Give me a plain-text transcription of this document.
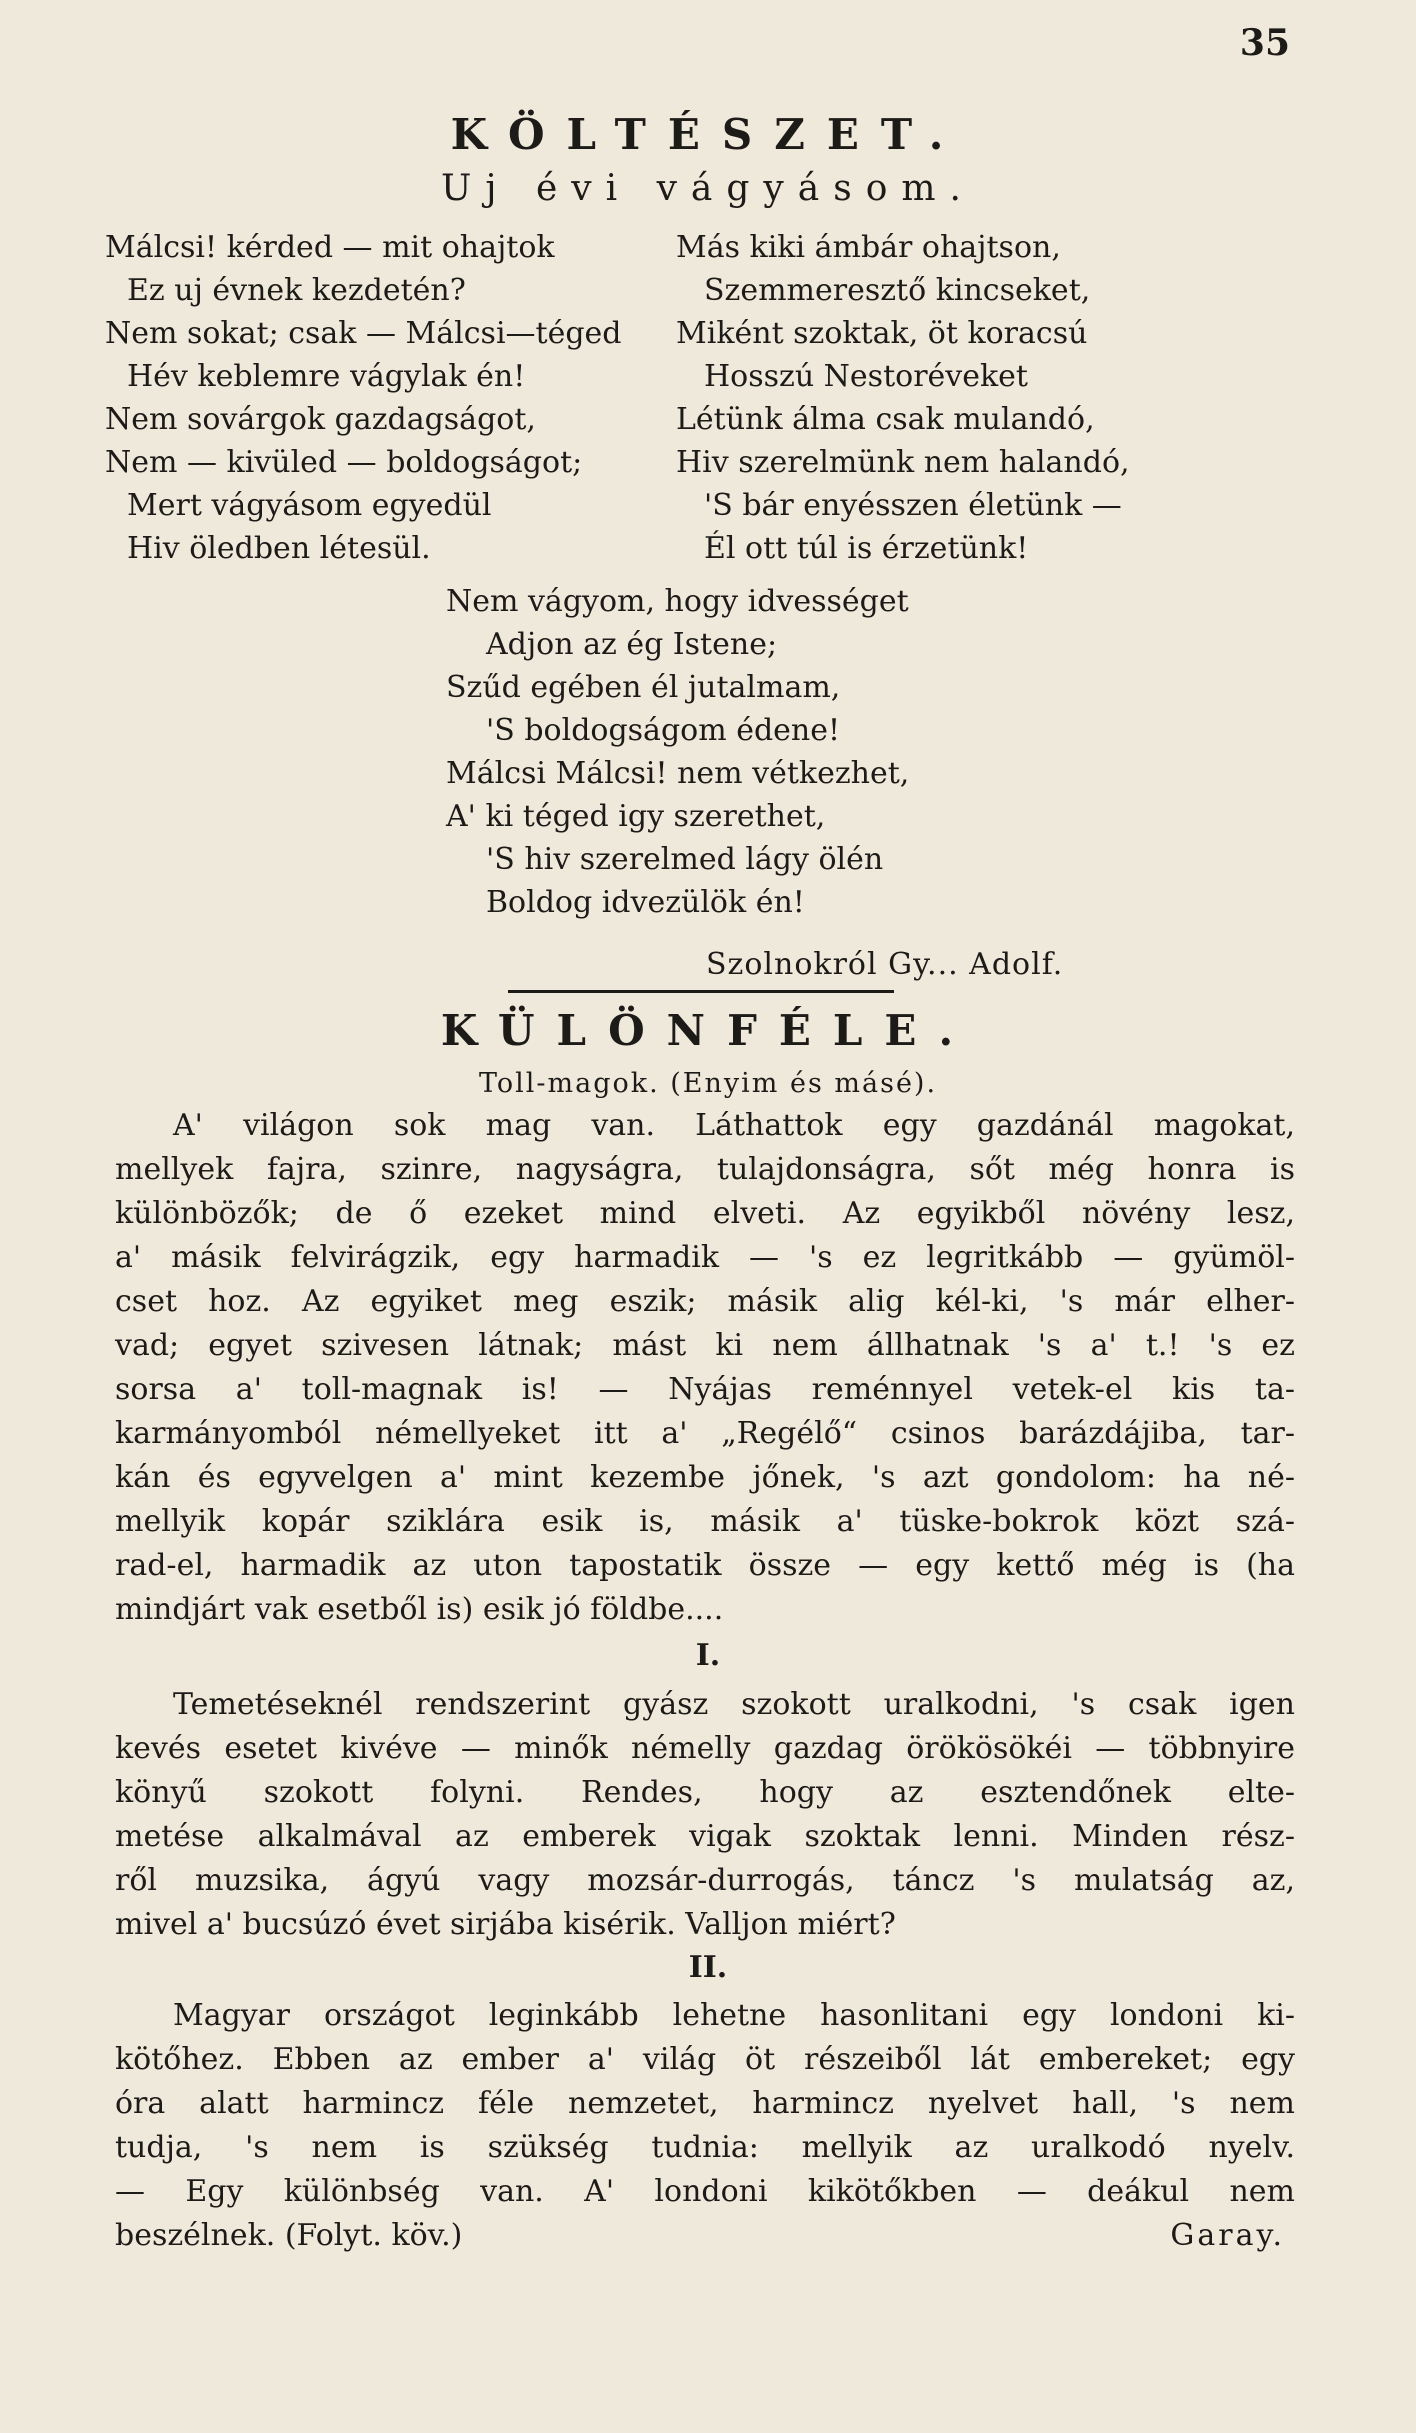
35
KÖLTÉSZET.
Uj évi vágyásom.
Málcsi! kérded — mit ohajtok
Ez uj évnek kezdetén?
Nem sokat; csak — Málcsi—téged
Hév keblemre vágylak én!
Nem sovárgok gazdagságot,
Nem — kivüled — boldogságot;
Mert vágyásom egyedül
Hiv öledben létesül.
Más kiki ámbár ohajtson,
Szemmeresztő kincseket,
Miként szoktak, öt koracsú
Hosszú Nestoréveket
Létünk álma csak mulandó,
Hiv szerelmünk nem halandó,
'S bár enyésszen életünk —
Él ott túl is érzetünk!
Nem vágyom, hogy idvességet
Adjon az ég Istene;
Szűd egében él jutalmam,
'S boldogságom édene!
Málcsi Málcsi! nem vétkezhet,
A' ki téged igy szerethet,
'S hiv szerelmed lágy ölén
Boldog idvezülök én!
Szolnokról Gy... Adolf.
KÜLÖNFÉLE.
Toll-magok. (Enyim és másé).
A' világon sok mag van. Láthattok egy gazdánál magokat,
mellyek fajra, szinre, nagyságra, tulajdonságra, sőt még honra is
különbözők; de ő ezeket mind elveti. Az egyikből növény lesz,
a' másik felvirágzik, egy harmadik — 's ez legritkább — gyümöl-
cset hoz. Az egyiket meg eszik; másik alig kél-ki, 's már elher-
vad; egyet szivesen látnak; mást ki nem állhatnak 's a' t.! 's ez
sorsa a' toll-magnak is! — Nyájas reménnyel vetek-el kis ta-
karmányomból némellyeket itt a' „Regélő“ csinos barázdájiba, tar-
kán és egyvelgen a' mint kezembe jőnek, 's azt gondolom: ha né-
mellyik kopár sziklára esik is, másik a' tüske-bokrok közt szá-
rad-el, harmadik az uton tapostatik össze — egy kettő még is (ha
mindjárt vak esetből is) esik jó földbe....
I.
Temetéseknél rendszerint gyász szokott uralkodni, 's csak igen
kevés esetet kivéve — minők némelly gazdag örökösökéi — többnyire
könyű szokott folyni. Rendes, hogy az esztendőnek elte-
metése alkalmával az emberek vigak szoktak lenni. Minden rész-
ről muzsika, ágyú vagy mozsár-durrogás, táncz 's mulatság az,
mivel a' bucsúzó évet sirjába kisérik. Valljon miért?
II.
Magyar országot leginkább lehetne hasonlitani egy londoni ki-
kötőhez. Ebben az ember a' világ öt részeiből lát embereket; egy
óra alatt harmincz féle nemzetet, harmincz nyelvet hall, 's nem
tudja, 's nem is szükség tudnia: mellyik az uralkodó nyelv.
— Egy különbség van. A' londoni kikötőkben — deákul nem
beszélnek. (Folyt. köv.)	Garay.
